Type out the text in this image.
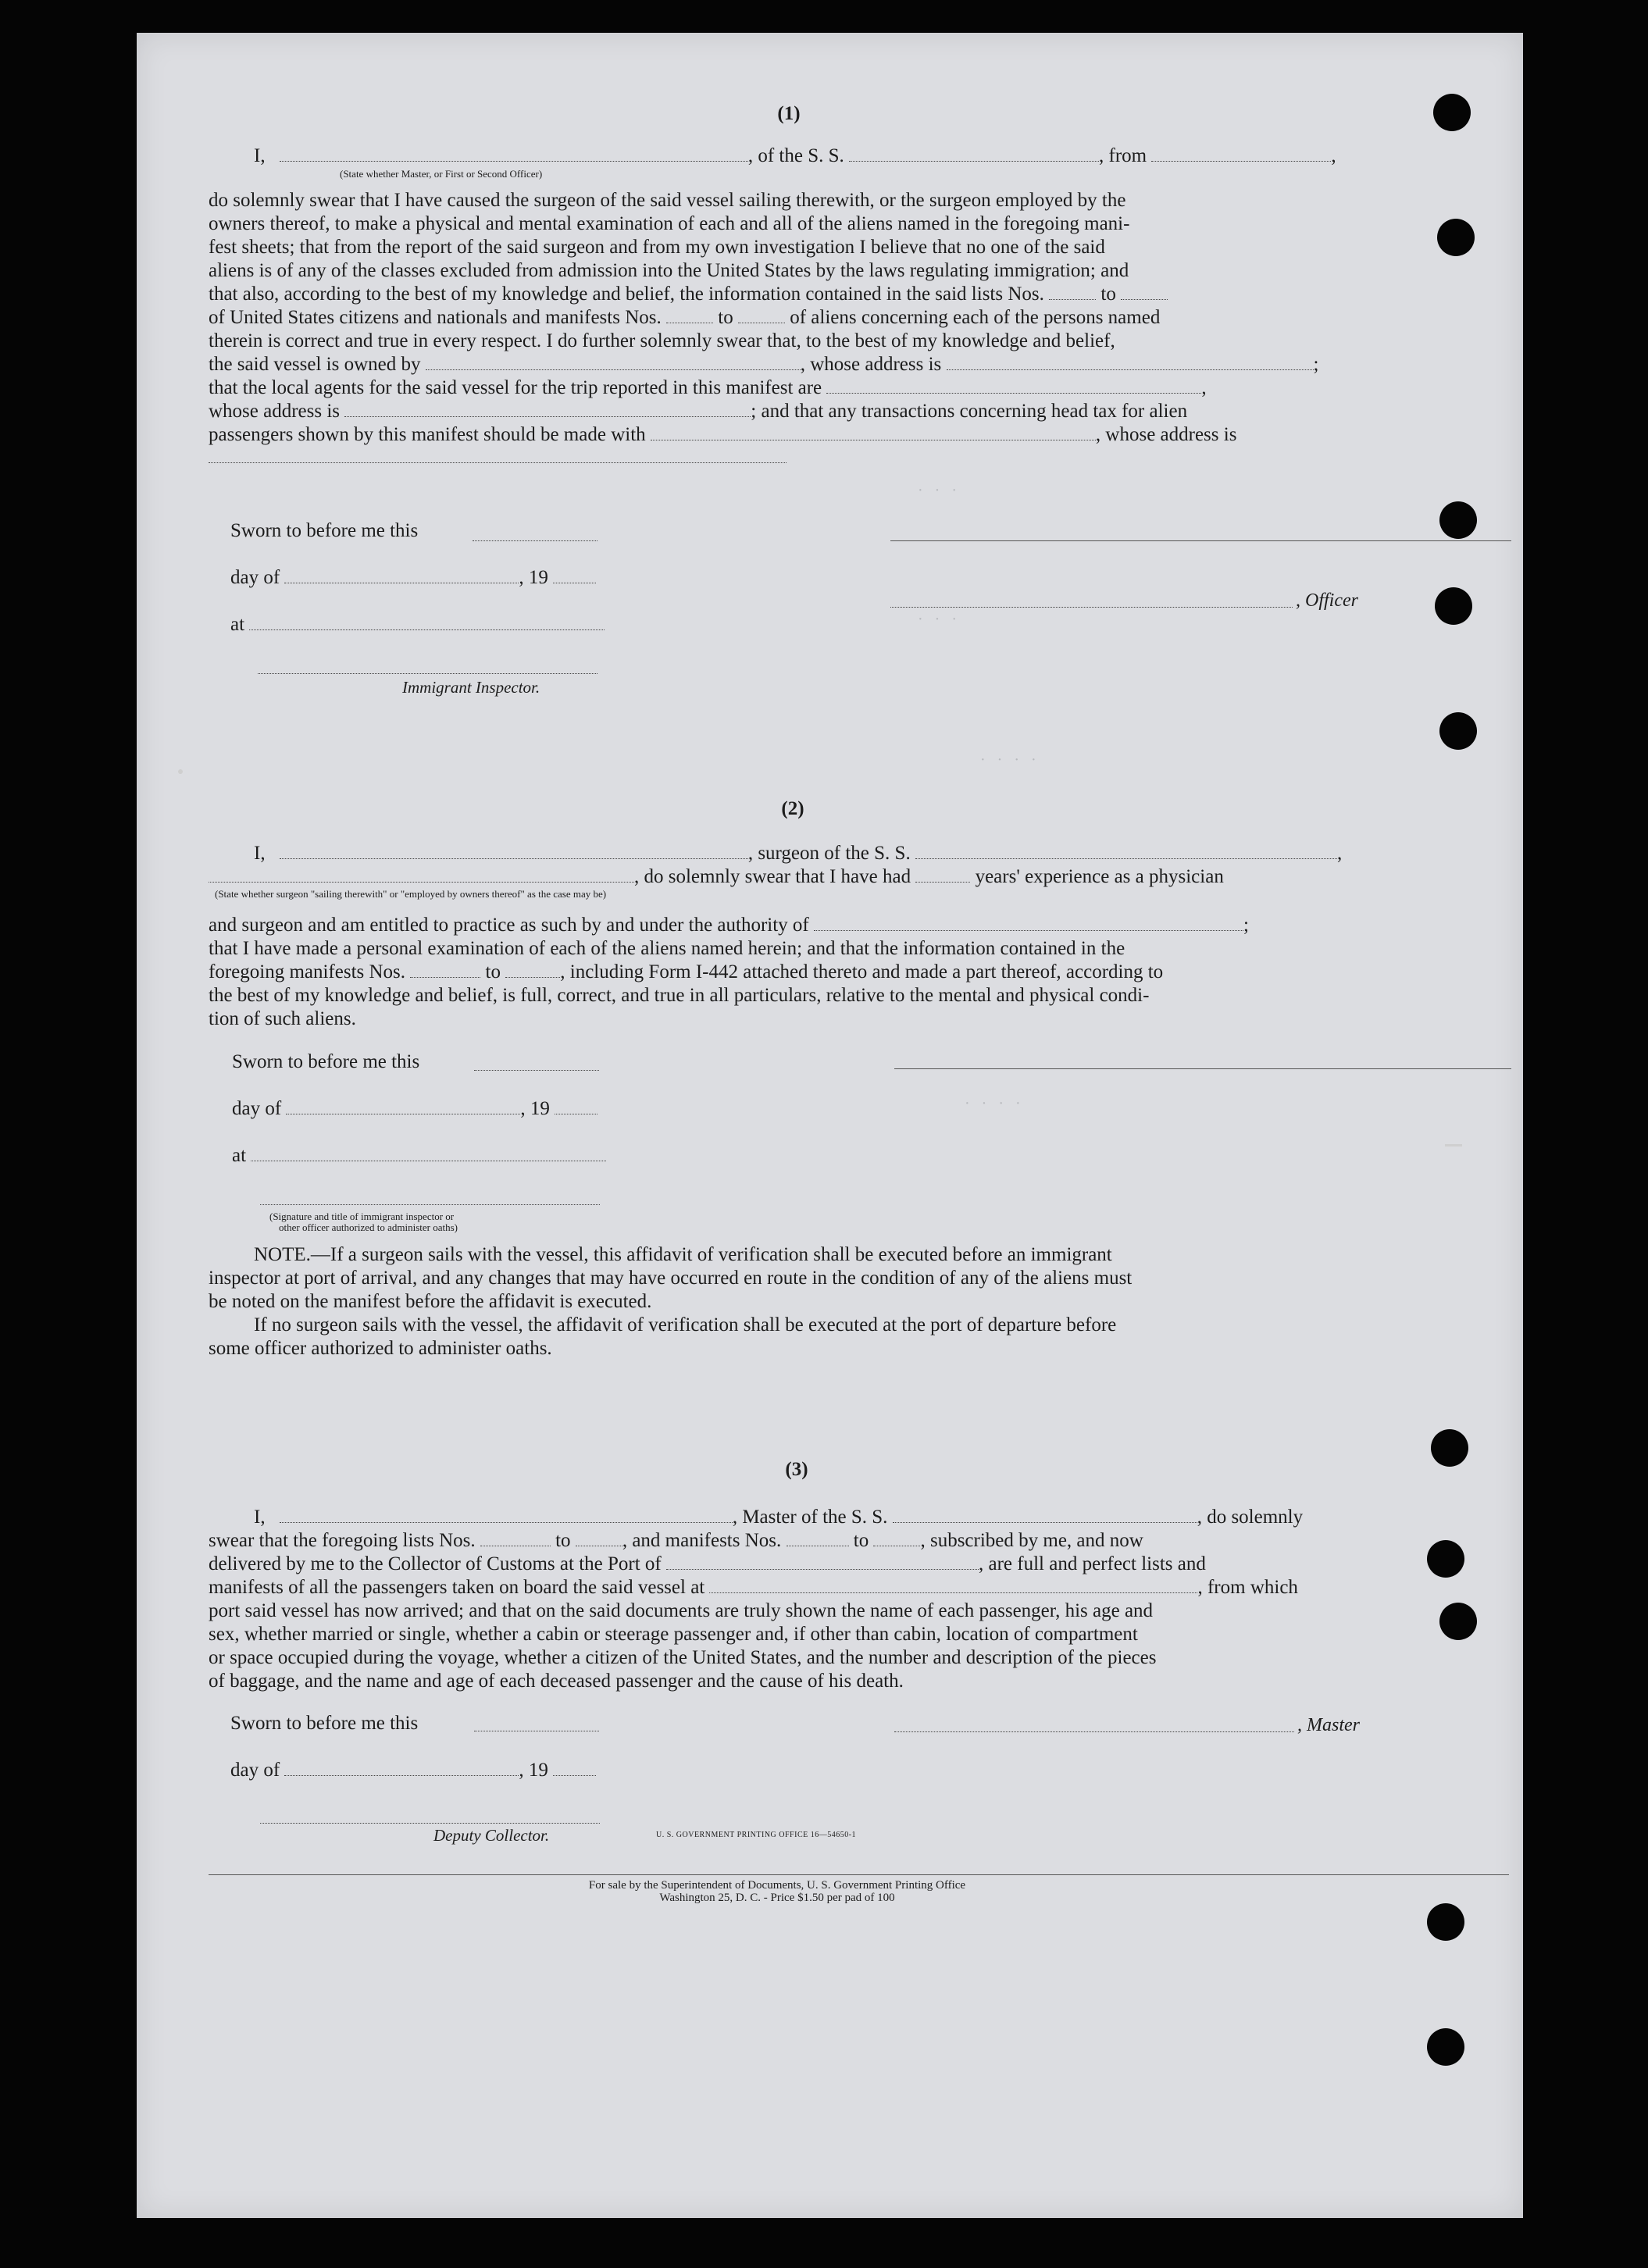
·   ·   ·
·   ·   ·
·   ·   ·   ·
·   ·   ·   ·
(1)
I,	, of the S. S.	, from	,
(State whether Master, or First or Second Officer)
do solemnly swear that I have caused the surgeon of the said vessel sailing therewith, or the surgeon employed by the
owners thereof, to make a physical and mental examination of each and all of the aliens named in the foregoing mani-
fest sheets; that from the report of the said surgeon and from my own investigation I believe that no one of the said
aliens is of any of the classes excluded from admission into the United States by the laws regulating immigration; and
that also, according to the best of my knowledge and belief, the information contained in the said lists Nos.	to
of United States citizens and nationals and manifests Nos.	to	of aliens concerning each of the persons named
therein is correct and true in every respect. I do further solemnly swear that, to the best of my knowledge and belief,
the said vessel is owned by	, whose address is	;
that the local agents for the said vessel for the trip reported in this manifest are	,
whose address is	; and that any transactions concerning head tax for alien
passengers shown by this manifest should be made with	, whose address is
Sworn to before me this
day of	, 19
at
Immigrant Inspector.
, Officer
(2)
I,	, surgeon of the S. S.	,
, do solemnly swear that I have had	years' experience as a physician
(State whether surgeon "sailing therewith" or "employed by owners thereof" as the case may be)
and surgeon and am entitled to practice as such by and under the authority of	;
that I have made a personal examination of each of the aliens named herein; and that the information contained in the
foregoing manifests Nos.	to	, including Form I-442 attached thereto and made a part thereof, according to
the best of my knowledge and belief, is full, correct, and true in all particulars, relative to the mental and physical condi-
tion of such aliens.
Sworn to before me this
day of	, 19
at
(Signature and title of immigrant inspector or
other officer authorized to administer oaths)
NOTE.—If a surgeon sails with the vessel, this affidavit of verification shall be executed before an immigrant
inspector at port of arrival, and any changes that may have occurred en route in the condition of any of the aliens must
be noted on the manifest before the affidavit is executed.
If no surgeon sails with the vessel, the affidavit of verification shall be executed at the port of departure before
some officer authorized to administer oaths.
(3)
I,	, Master of the S. S.	, do solemnly
swear that the foregoing lists Nos.	to	, and manifests Nos.	to	, subscribed by me, and now
delivered by me to the Collector of Customs at the Port of	, are full and perfect lists and
manifests of all the passengers taken on board the said vessel at	, from which
port said vessel has now arrived; and that on the said documents are truly shown the name of each passenger, his age and
sex, whether married or single, whether a cabin or steerage passenger and, if other than cabin, location of compartment
or space occupied during the voyage, whether a citizen of the United States, and the number and description of the pieces
of baggage, and the name and age of each deceased passenger and the cause of his death.
Sworn to before me this	, Master
day of	, 19
Deputy Collector.	U. S. GOVERNMENT PRINTING OFFICE 16—54650-1
For sale by the Superintendent of Documents, U. S. Government Printing Office
Washington 25, D. C. - Price $1.50 per pad of 100
